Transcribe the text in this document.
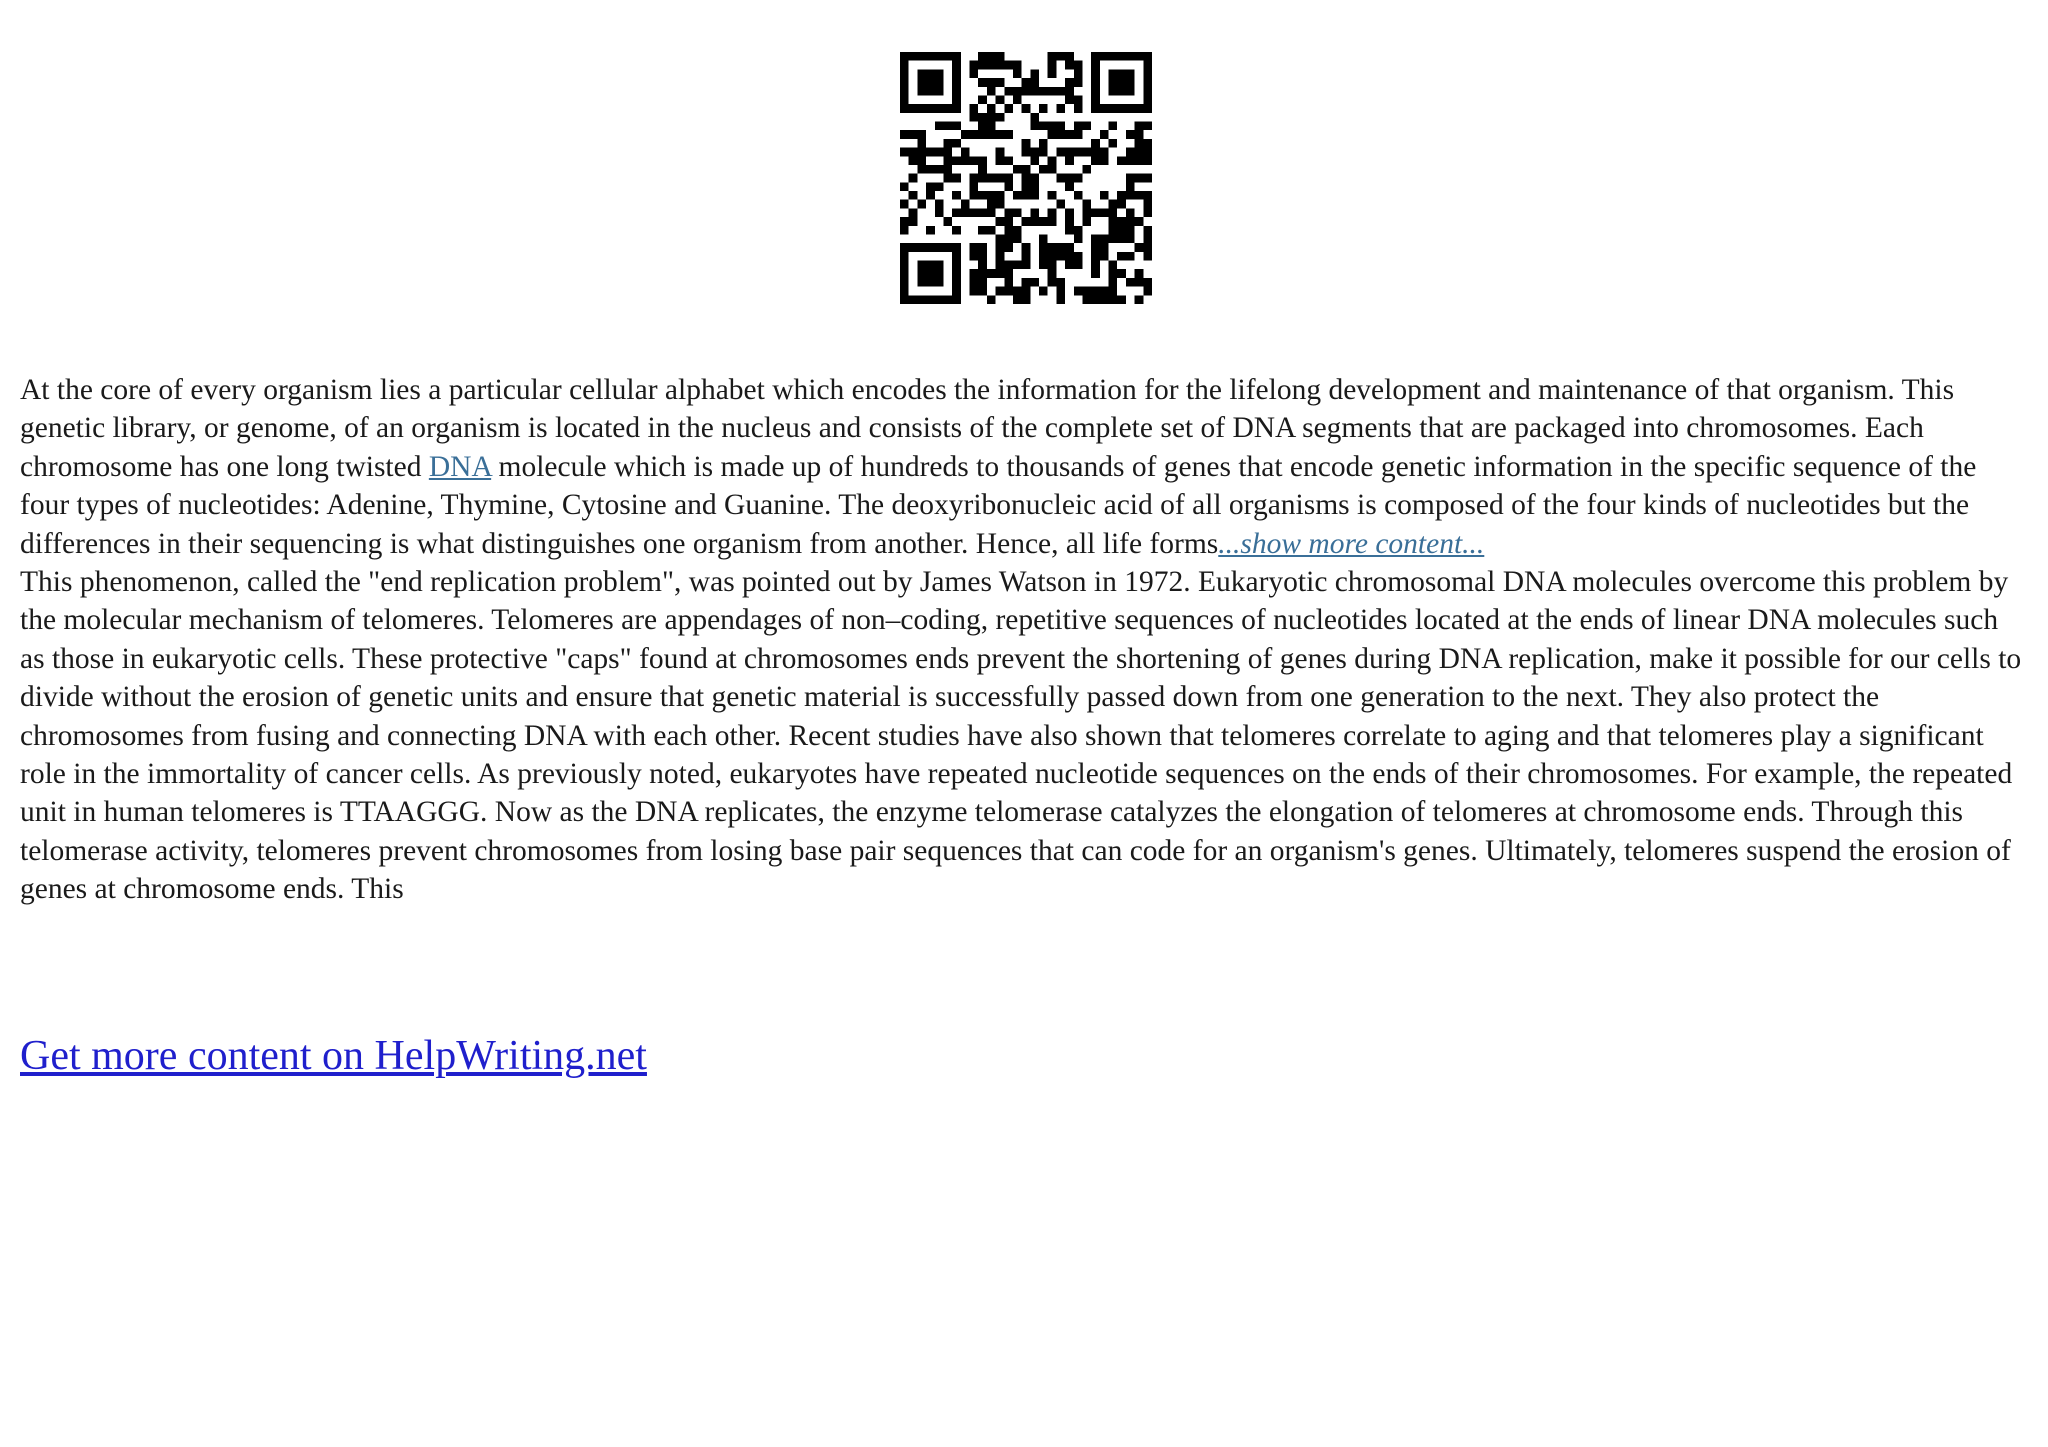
At the core of every organism lies a particular cellular alphabet which encodes the information for the lifelong development and maintenance of that organism. This genetic library, or genome, of an organism is located in the nucleus and consists of the complete set of DNA segments that are packaged into chromosomes. Each chromosome has one long twisted DNA molecule which is made up of hundreds to thousands of genes that encode genetic information in the specific sequence of the four types of nucleotides: Adenine, Thymine, Cytosine and Guanine. The deoxyribonucleic acid of all organisms is composed of the four kinds of nucleotides but the differences in their sequencing is what distinguishes one organism from another. Hence, all life forms...show more content...

This phenomenon, called the "end replication problem", was pointed out by James Watson in 1972. Eukaryotic chromosomal DNA molecules overcome this problem by the molecular mechanism of telomeres. Telomeres are appendages of non–coding, repetitive sequences of nucleotides located at the ends of linear DNA molecules such as those in eukaryotic cells. These protective "caps" found at chromosomes ends prevent the shortening of genes during DNA replication, make it possible for our cells to divide without the erosion of genetic units and ensure that genetic material is successfully passed down from one generation to the next. They also protect the chromosomes from fusing and connecting DNA with each other. Recent studies have also shown that telomeres correlate to aging and that telomeres play a significant role in the immortality of cancer cells. As previously noted, eukaryotes have repeated nucleotide sequences on the ends of their chromosomes. For example, the repeated unit in human telomeres is TTAAGGG. Now as the DNA replicates, the enzyme telomerase catalyzes the elongation of telomeres at chromosome ends. Through this telomerase activity, telomeres prevent chromosomes from losing base pair sequences that can code for an organism's genes. Ultimately, telomeres suspend the erosion of genes at chromosome ends. This

Get more content on HelpWriting.net
